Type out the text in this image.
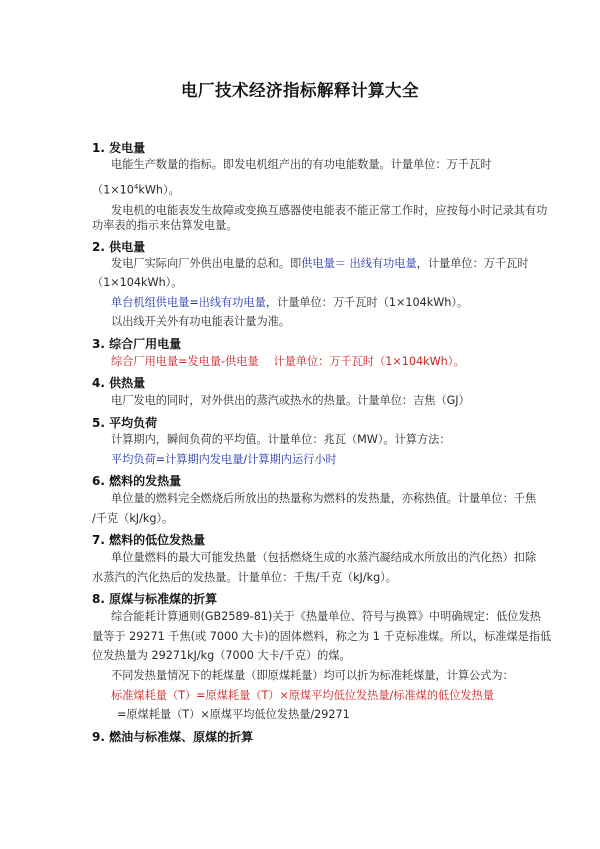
电厂技术经济指标解释计算大全
1. 发电量
电能生产数量的指标。即发电机组产出的有功电能数量。计量单位：万千瓦时
$(1\times 10^4kWh)$。
发电机的电能表发生故障或变换互感器使电能表不能正常工作时，应按每小时记录其有功
功率表的指示来估算发电量。
2. 供电量
发电厂实际向厂外供出电量的总和。即供电量＝ 出线有功电量，计量单位：万千瓦时
（1×104kWh）。
单台机组供电量=出线有功电量，计量单位：万千瓦时（1×104kWh）。
以出线开关外有功电能表计量为准。
3. 综合厂用电量
综合厂用电量=发电量-供电量　 计量单位：万千瓦时（1×104kWh）。
4. 供热量
电厂发电的同时，对外供出的蒸汽或热水的热量。计量单位：吉焦（GJ）
5. 平均负荷
计算期内，瞬间负荷的平均值。计量单位：兆瓦（MW）。计算方法：
平均负荷=计算期内发电量/计算期内运行小时
6. 燃料的发热量
单位量的燃料完全燃烧后所放出的热量称为燃料的发热量，亦称热值。计量单位：千焦
/千克（kJ/kg）。
7. 燃料的低位发热量
单位量燃料的最大可能发热量（包括燃烧生成的水蒸汽凝结成水所放出的汽化热）扣除
水蒸汽的汽化热后的发热量。计量单位：千焦/千克（kJ/kg）。
8. 原煤与标准煤的折算
综合能耗计算通则(GB2589-81)关于《热量单位、符号与换算》中明确规定：低位发热
量等于 29271 千焦(或 7000 大卡)的固体燃料，称之为 1 千克标准煤。所以，标准煤是指低
位发热量为 29271kJ/kg（7000 大卡/千克）的煤。
不同发热量情况下的耗煤量（即原煤耗量）均可以折为标准耗煤量，计算公式为：
标准煤耗量（T）=原煤耗量（T）×原煤平均低位发热量/标准煤的低位发热量
=原煤耗量（T）×原煤平均低位发热量/29271
9. 燃油与标准煤、原煤的折算
